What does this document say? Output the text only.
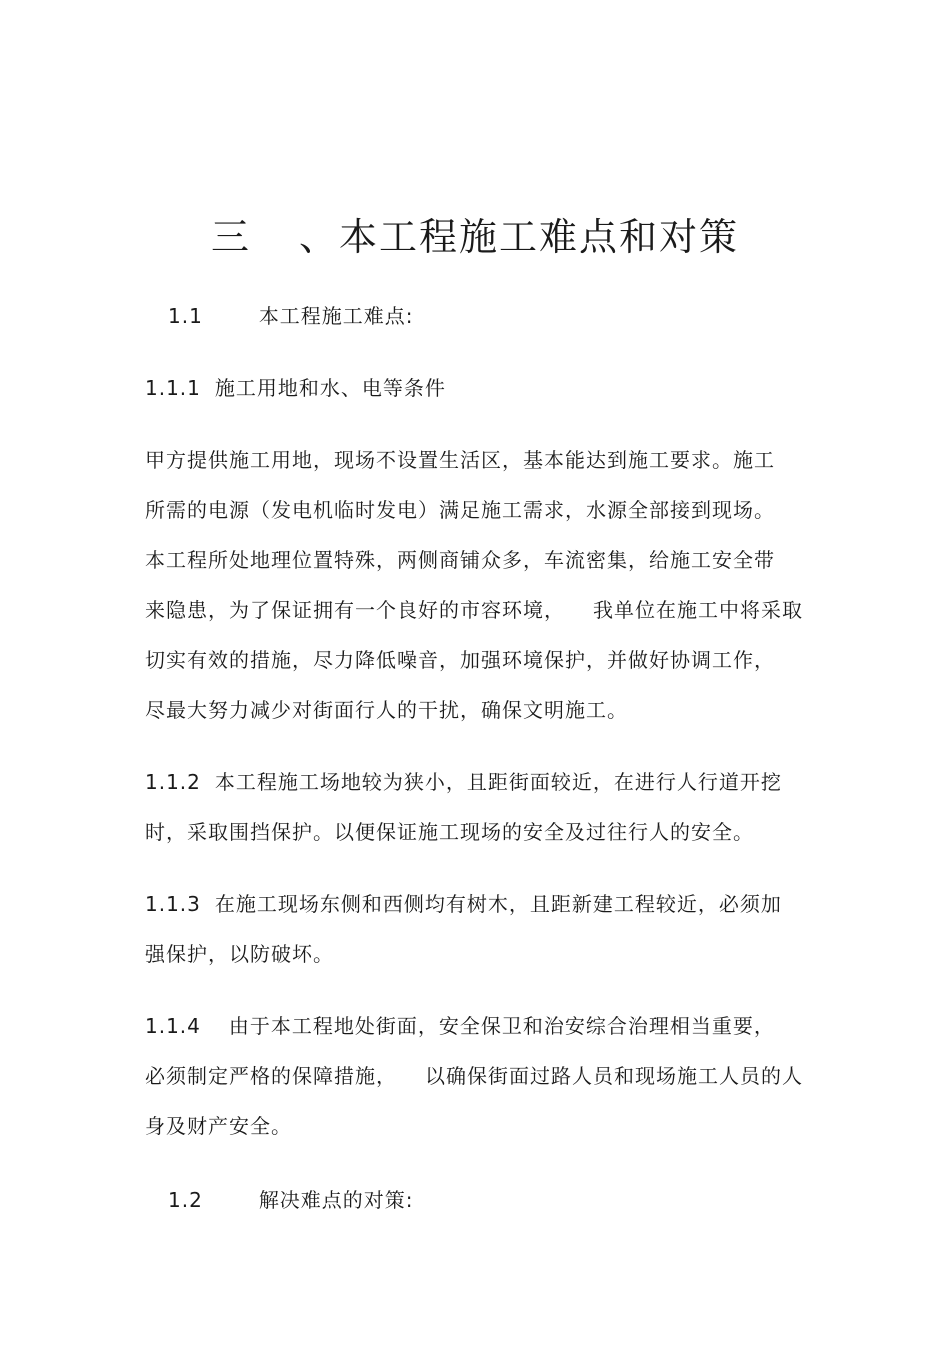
三 、本工程施工难点和对策
1.1	本工程施工难点:
1.1.1 施工用地和水、电等条件
甲方提供施工用地，现场不设置生活区，基本能达到施工要求。施工
所需的电源（发电机临时发电）满足施工需求，水源全部接到现场。
本工程所处地理位置特殊，两侧商铺众多，车流密集，给施工安全带
来隐患，为了保证拥有一个良好的市容环境， 我单位在施工中将采取
切实有效的措施，尽力降低噪音，加强环境保护，并做好协调工作，
尽最大努力减少对街面行人的干扰，确保文明施工。
1.1.2 本工程施工场地较为狭小，且距街面较近，在进行人行道开挖
时，采取围挡保护。以便保证施工现场的安全及过往行人的安全。
1.1.3 在施工现场东侧和西侧均有树木，且距新建工程较近，必须加
强保护，以防破坏。
1.1.4 由于本工程地处街面，安全保卫和治安综合治理相当重要，
必须制定严格的保障措施， 以确保街面过路人员和现场施工人员的人
身及财产安全。
1.2	解决难点的对策:
